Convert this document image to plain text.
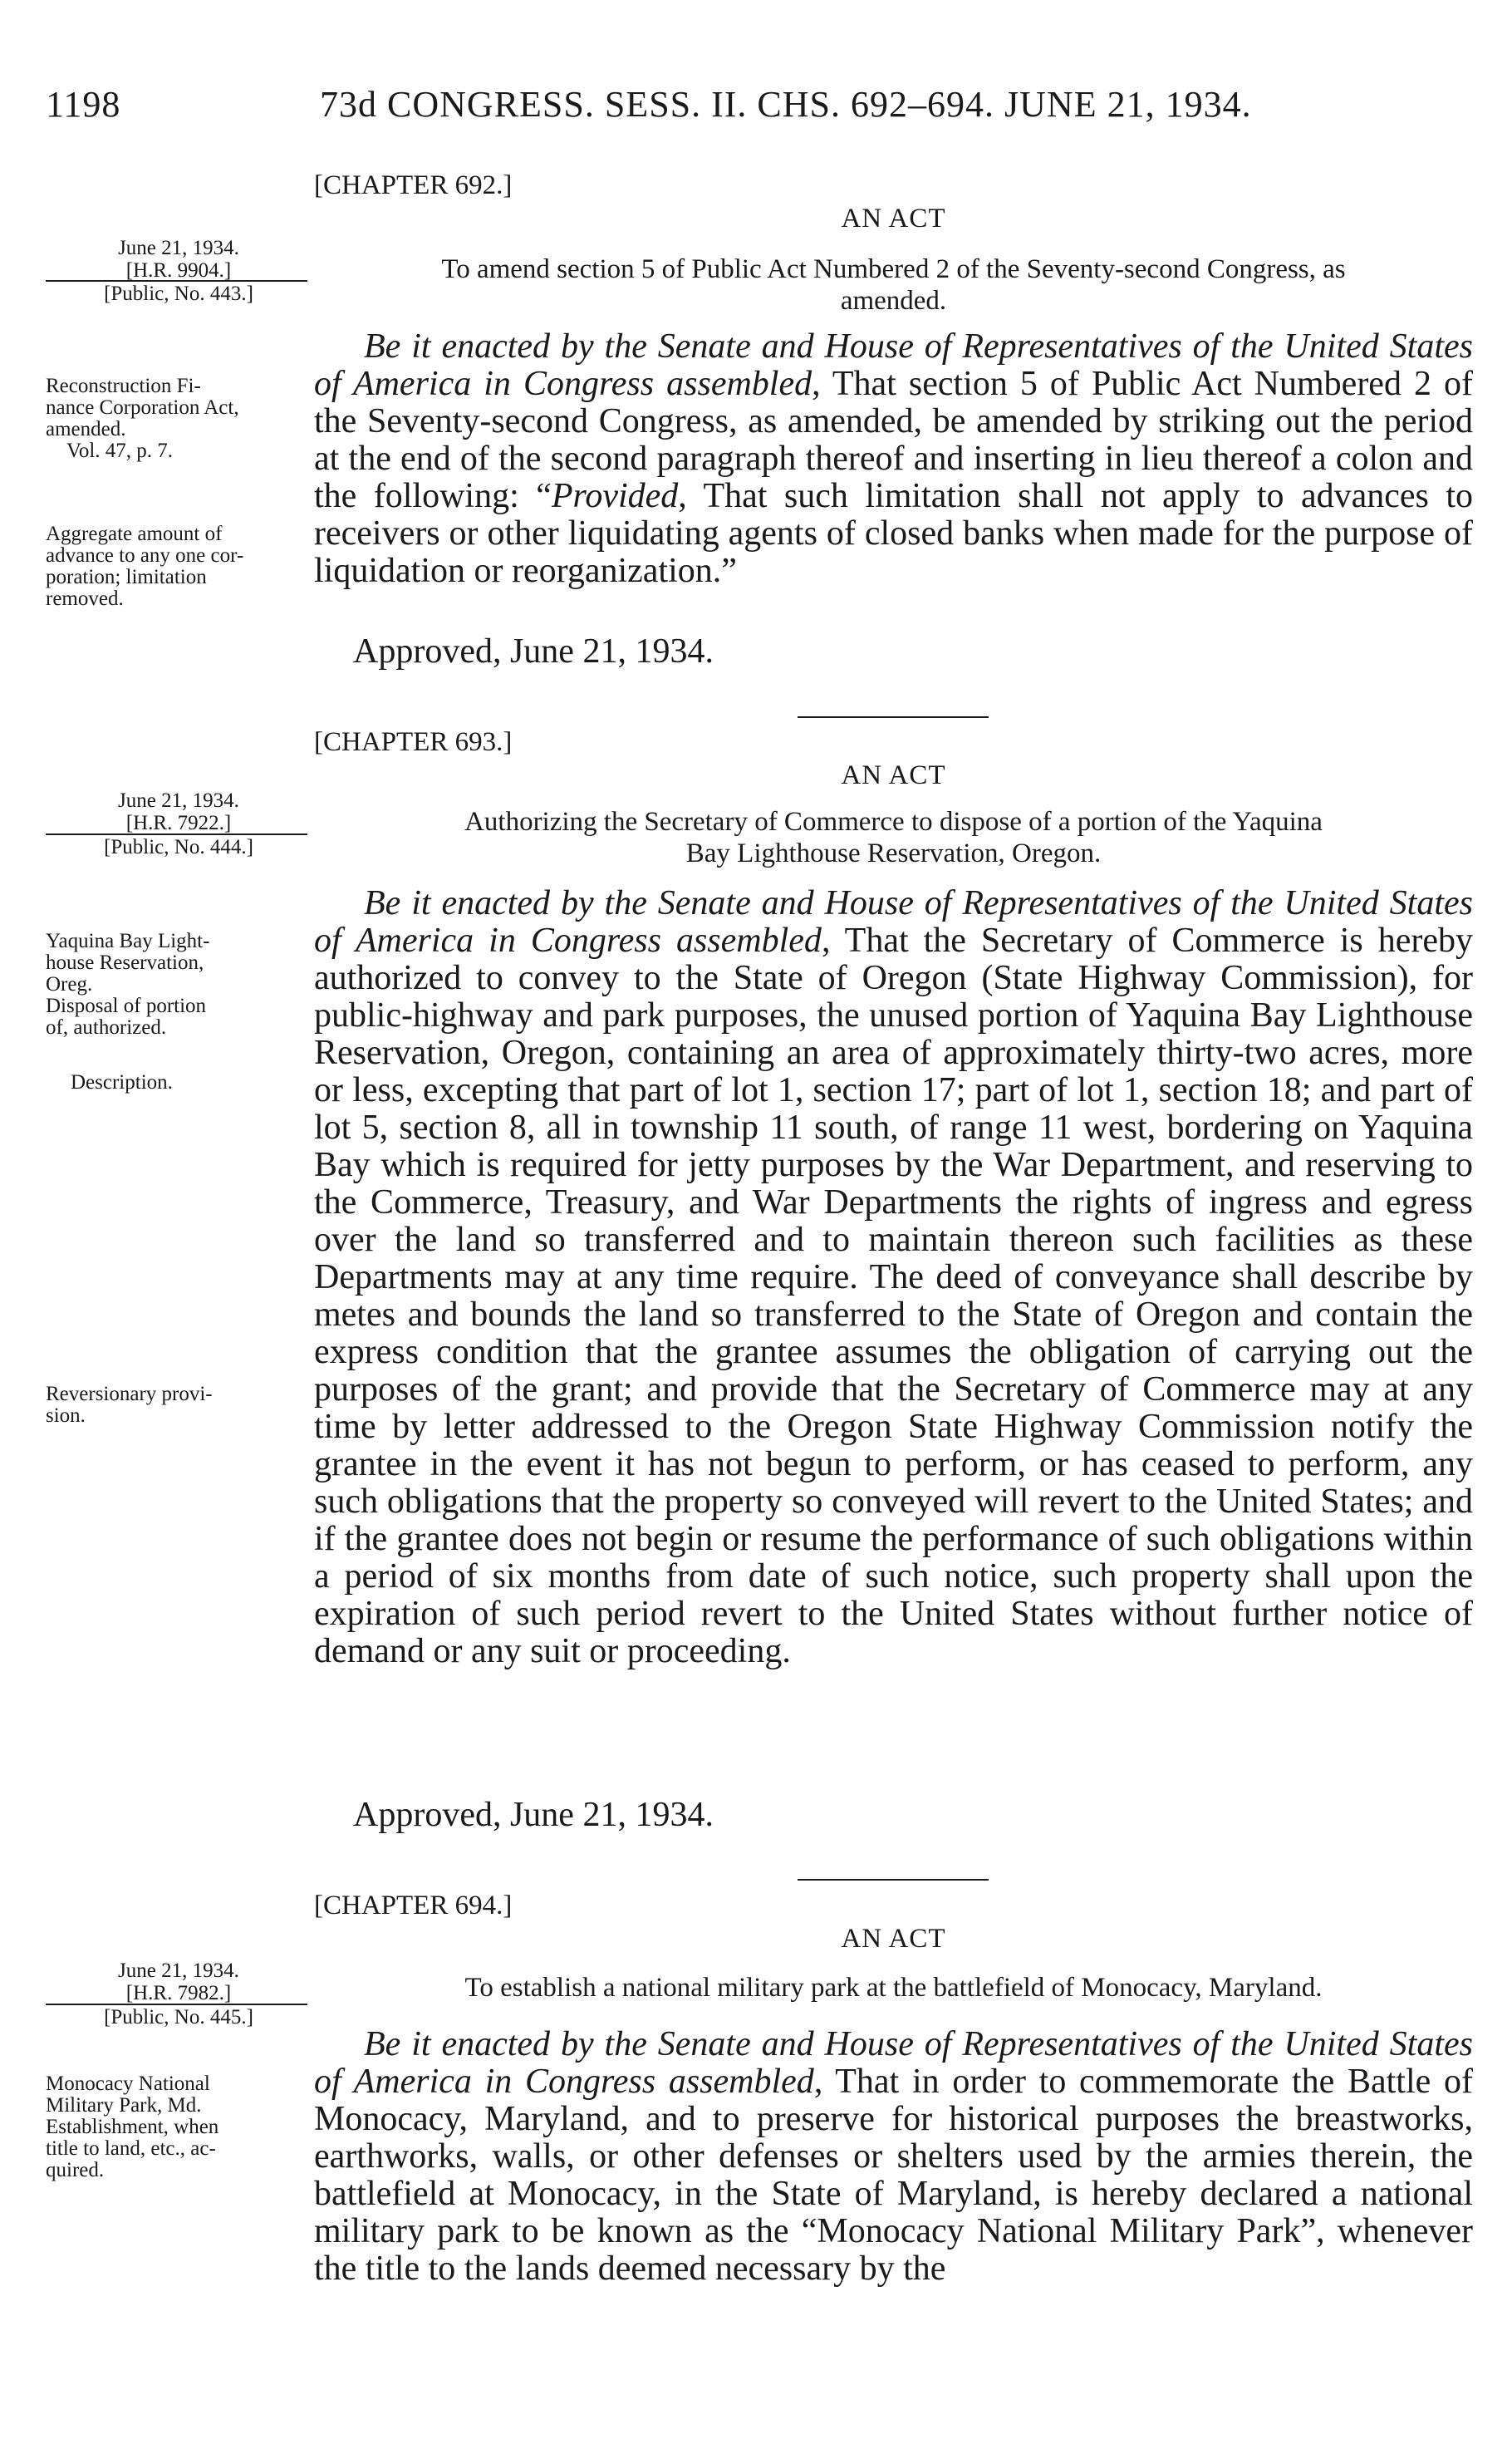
1198	73d CONGRESS. SESS. II. CHS. 692–694. JUNE 21, 1934.
[CHAPTER 692.]
AN ACT
June 21, 1934.
[H.R. 9904.]
[Public, No. 443.]
To amend section 5 of Public Act Numbered 2 of the Seventy-second Congress, as
amended.
Be it enacted by the Senate and House of Representatives of the United States of America in Congress assembled, That section 5 of Public Act Numbered 2 of the Seventy-second Congress, as amended, be amended by striking out the period at the end of the second paragraph thereof and inserting in lieu thereof a colon and the following: “Provided, That such limitation shall not apply to advances to receivers or other liquidating agents of closed banks when made for the purpose of liquidation or reorganization.”
Approved, June 21, 1934.
Reconstruction Fi-
nance Corporation Act,
amended.
Vol. 47, p. 7.
Aggregate amount of
advance to any one cor-
poration; limitation
removed.
[CHAPTER 693.]
AN ACT
June 21, 1934.
[H.R. 7922.]
[Public, No. 444.]
Authorizing the Secretary of Commerce to dispose of a portion of the Yaquina
Bay Lighthouse Reservation, Oregon.
Be it enacted by the Senate and House of Representatives of the United States of America in Congress assembled, That the Secretary of Commerce is hereby authorized to convey to the State of Oregon (State Highway Commission), for public-highway and park purposes, the unused portion of Yaquina Bay Lighthouse Reservation, Oregon, containing an area of approximately thirty-two acres, more or less, excepting that part of lot 1, section 17; part of lot 1, section 18; and part of lot 5, section 8, all in township 11 south, of range 11 west, bordering on Yaquina Bay which is required for jetty purposes by the War Department, and reserving to the Commerce, Treasury, and War Departments the rights of ingress and egress over the land so transferred and to maintain thereon such facilities as these Departments may at any time require. The deed of conveyance shall describe by metes and bounds the land so transferred to the State of Oregon and contain the express condition that the grantee assumes the obligation of carrying out the purposes of the grant; and provide that the Secretary of Commerce may at any time by letter addressed to the Oregon State Highway Commission notify the grantee in the event it has not begun to perform, or has ceased to perform, any such obligations that the property so conveyed will revert to the United States; and if the grantee does not begin or resume the performance of such obligations within a period of six months from date of such notice, such property shall upon the expiration of such period revert to the United States without further notice of demand or any suit or proceeding.
Approved, June 21, 1934.
Yaquina Bay Light-
house Reservation,
Oreg.
Disposal of portion
of, authorized.
Description.
Reversionary provi-
sion.
[CHAPTER 694.]
AN ACT
June 21, 1934.
[H.R. 7982.]
[Public, No. 445.]
To establish a national military park at the battlefield of Monocacy, Maryland.
Be it enacted by the Senate and House of Representatives of the United States of America in Congress assembled, That in order to commemorate the Battle of Monocacy, Maryland, and to preserve for historical purposes the breastworks, earthworks, walls, or other defenses or shelters used by the armies therein, the battlefield at Monocacy, in the State of Maryland, is hereby declared a national military park to be known as the “Monocacy National Military Park”, whenever the title to the lands deemed necessary by the
Monocacy National
Military Park, Md.
Establishment, when
title to land, etc., ac-
quired.
